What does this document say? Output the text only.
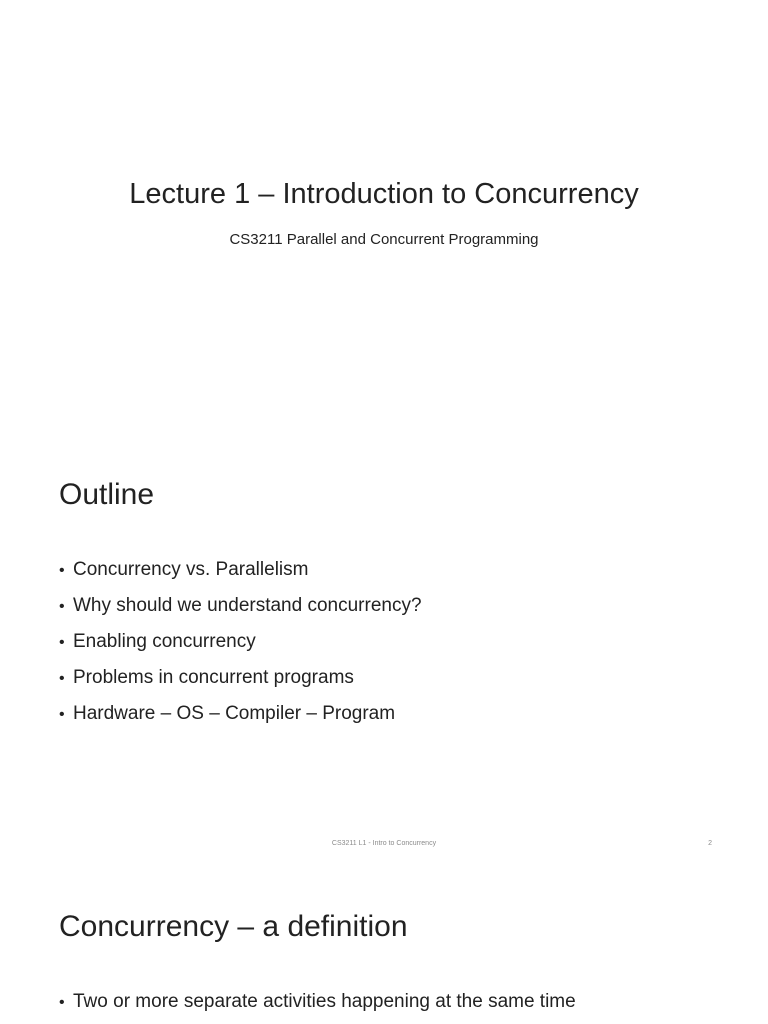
Lecture 1 – Introduction to Concurrency

CS3211 Parallel and Concurrent Programming

Outline
• Concurrency vs. Parallelism
• Why should we understand concurrency?
• Enabling concurrency
• Problems in concurrent programs
• Hardware – OS – Compiler – Program
CS3211 L1 - Intro to Concurrency	2
Concurrency – a definition
• Two or more separate activities happening at the same time
